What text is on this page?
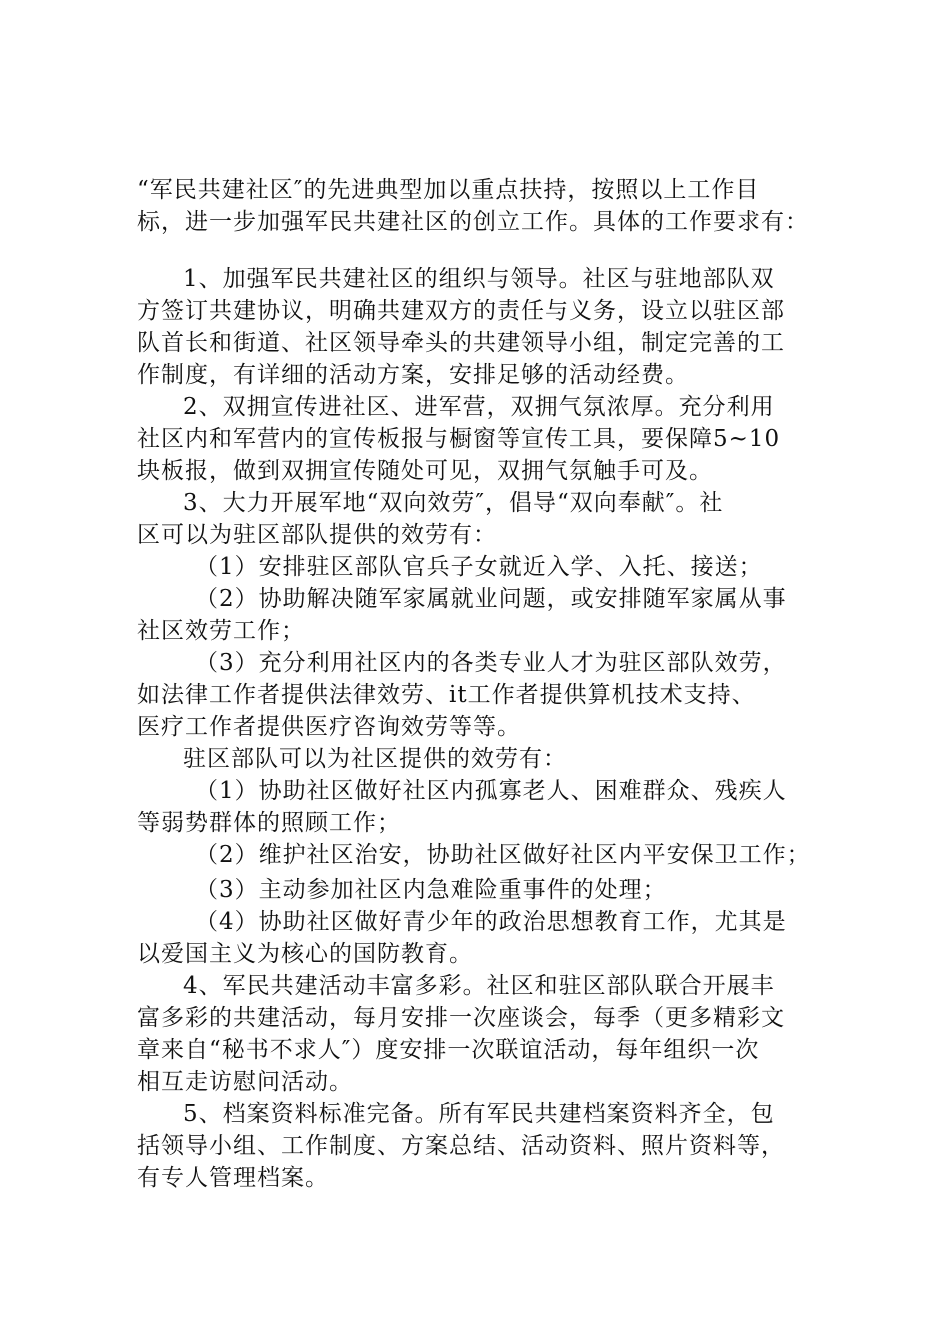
“军民共建社区″的先进典型加以重点扶持，按照以上工作目
标，进一步加强军民共建社区的创立工作。具体的工作要求有：
1、加强军民共建社区的组织与领导。社区与驻地部队双
方签订共建协议，明确共建双方的责任与义务，设立以驻区部
队首长和街道、社区领导牵头的共建领导小组，制定完善的工
作制度，有详细的活动方案，安排足够的活动经费。
2、双拥宣传进社区、进军营，双拥气氛浓厚。充分利用
社区内和军营内的宣传板报与橱窗等宣传工具，要保障5~10
块板报，做到双拥宣传随处可见，双拥气氛触手可及。
3、大力开展军地“双向效劳″，倡导“双向奉献″。社
区可以为驻区部队提供的效劳有：
（1）安排驻区部队官兵子女就近入学、入托、接送；
（2）协助解决随军家属就业问题，或安排随军家属从事
社区效劳工作；
（3）充分利用社区内的各类专业人才为驻区部队效劳，
如法律工作者提供法律效劳、it工作者提供算机技术支持、
医疗工作者提供医疗咨询效劳等等。
驻区部队可以为社区提供的效劳有：
（1）协助社区做好社区内孤寡老人、困难群众、残疾人
等弱势群体的照顾工作；
（2）维护社区治安，协助社区做好社区内平安保卫工作；
（3）主动参加社区内急难险重事件的处理；
（4）协助社区做好青少年的政治思想教育工作，尤其是
以爱国主义为核心的国防教育。
4、军民共建活动丰富多彩。社区和驻区部队联合开展丰
富多彩的共建活动，每月安排一次座谈会，每季（更多精彩文
章来自“秘书不求人″）度安排一次联谊活动，每年组织一次
相互走访慰问活动。
5、档案资料标准完备。所有军民共建档案资料齐全，包
括领导小组、工作制度、方案总结、活动资料、照片资料等，
有专人管理档案。
